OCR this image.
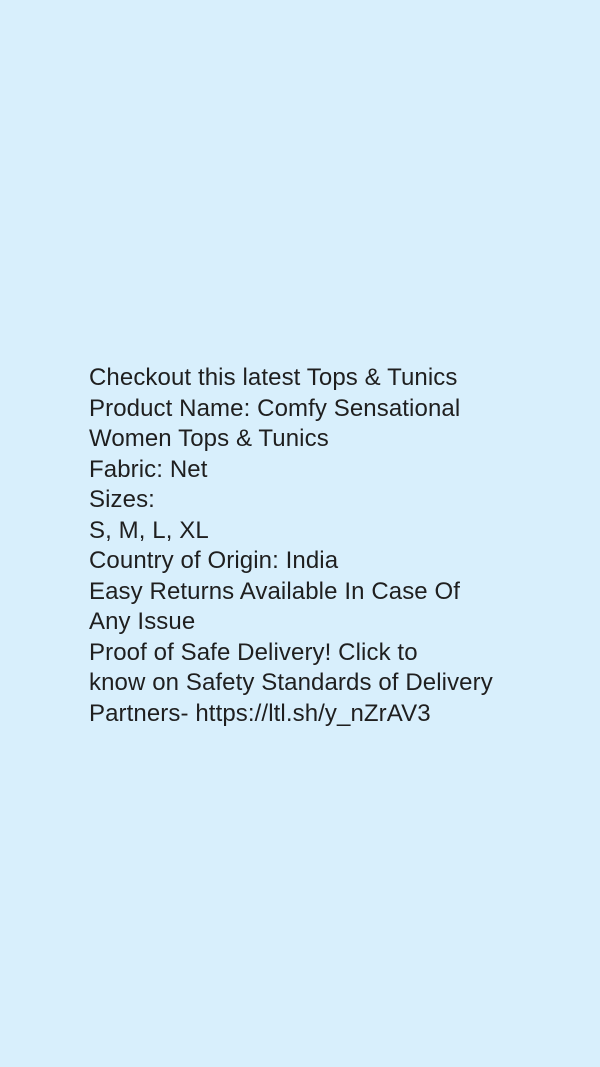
Checkout this latest Tops & Tunics
Product Name: Comfy Sensational
Women Tops & Tunics
Fabric: Net
Sizes:
S, M, L, XL
Country of Origin: India
Easy Returns Available In Case Of
Any Issue
Proof of Safe Delivery! Click to
know on Safety Standards of Delivery
Partners- https://ltl.sh/y_nZrAV3
